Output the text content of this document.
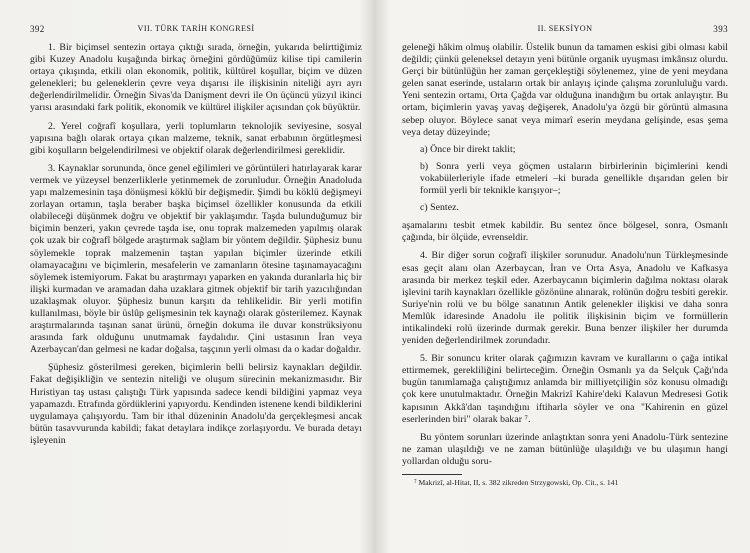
392	VII. TÜRK TARİH KONGRESİ

1. Bir biçimsel sentezin ortaya çıktığı sırada, örneğin, yukarıda belirttiğimiz gibi Kuzey Anadolu kuşağında birkaç örneğini gördüğümüz kilise tipi camilerin ortaya çıkışında, etkili olan ekonomik, politik, kültürel koşullar, biçim ve düzen gelenekleri; bu geleneklerin çevre veya dışarısı ile ilişkisinin niteliği ayrı ayrı değerlendirilmelidir. Örneğin Sivas'da Danişment devri ile On üçüncü yüzyıl ikinci yarısı arasındaki fark politik, ekonomik ve kültürel ilişkiler açısından çok büyüktür.

2. Yerel coğrafî koşullara, yerli toplumların teknolojik seviyesine, sosyal yapısına bağlı olarak ortaya çıkan malzeme, teknik, sanat erbabının örgütleşmesi gibi koşulların belgelendirilmesi ve objektif olarak değerlendirilmesi gereklidir.

3. Kaynaklar sorununda, önce genel eğilimleri ve görüntüleri hatırlayarak karar vermek ve yüzeysel benzerliklerle yetinmemek de zorunludur. Örneğin Anadoluda yapı malzemesinin taşa dönüşmesi köklü bir değişmedir. Şimdi bu köklü değişmeyi zorlayan ortamın, taşla beraber başka biçimsel özellikler konusunda da etkili olabileceği düşünmek doğru ve objektif bir yaklaşımdır. Taşda bulunduğumuz bir biçimin benzeri, yakın çevrede taşda ise, onu toprak malzemeden yapılmış olarak çok uzak bir coğrafî bölgede araştırmak sağlam bir yöntem değildir. Şüphesiz bunu söylemekle toprak malzemenin taştan yapılan biçimler üzerinde etkili olamayacağını ve biçimlerin, mesafelerin ve zamanların ötesine taşınamayacağını söylemek istemiyorum. Fakat bu araştırmayı yaparken en yakında duranlarla hiç bir ilişki kurmadan ve aramadan daha uzaklara gitmek objektif bir tarih yazıcılığından uzaklaşmak oluyor. Şüphesiz bunun karşıtı da tehlikelidir. Bir yerli motifin kullanılması, böyle bir üslûp gelişmesinin tek kaynağı olarak gösterilemez. Kaynak araştırmalarında taşınan sanat ürünü, örneğin dokuma ile duvar konstrüksiyonu arasında fark olduğunu unutmamak faydalıdır. Çini ustasının İran veya Azerbaycan'dan gelmesi ne kadar doğalsa, taşçının yerli olması da o kadar doğaldır.

Şüphesiz gösterilmesi gereken, biçimlerin belli belirsiz kaynakları değildir. Fakat değişikliğin ve sentezin niteliği ve oluşum sürecinin mekanizmasıdır. Bir Hıristiyan taş ustası çalıştığı Türk yapısında sadece kendi bildiğini yapmaz veya yapamazdı. Etrafında gördüklerini yapıyordu. Kendinden istenene kendi bildiklerini uygulamaya çalışıyordu. Tam bir ithal düzeninin Anadolu'da gerçekleşmesi ancak bütün tasavvurunda kabildi; fakat detaylara indikçe zorlaşıyordu. Ve burada detayı işleyenin

II. SEKSİYON	393

geleneği hâkim olmuş olabilir. Üstelik bunun da tamamen eskisi gibi olması kabil değildi; çünkü geleneksel detayın yeni bütünle organik uyuşması imkânsız olurdu. Gerçi bir bütünlüğün her zaman gerçekleştiği söylenemez, yine de yeni meydana gelen sanat eserinde, ustaların ortak bir anlayış içinde çalışma zorunluluğu vardı. Yeni sentezin ortamı, Orta Çağda var olduğuna inandığım bu ortak anlayıştır. Bu ortam, biçimlerin yavaş yavaş değişerek, Anadolu'ya özgü bir görüntü almasına sebep oluyor. Böylece sanat veya mimarî eserin meydana gelişinde, esas şema veya detay düzeyinde;

a) Önce bir direkt taklit;

b) Sonra yerli veya göçmen ustaların birbirlerinin biçimlerini kendi vokabülerleriyle ifade etmeleri –ki burada genellikle dışarıdan gelen bir formül yerli bir teknikle karışıyor–;

c) Sentez.

aşamalarını tesbit etmek kabildir. Bu sentez önce bölgesel, sonra, Osmanlı çağında, bir ölçüde, evrenseldir.

4. Bir diğer sorun coğrafî ilişkiler sorunudur. Anadolu'nun Türkleşmesinde esas geçit alanı olan Azerbaycan, İran ve Orta Asya, Anadolu ve Kafkasya arasında bir merkez teşkil eder. Azerbaycanın biçimlerin dağılma noktası olarak işlevini tarih kaynakları özellikle gözönüne alınarak, rolünün doğru tesbiti gerekir. Suriye'nin rolü ve bu bölge sanatının Antik gelenekler ilişkisi ve daha sonra Memlûk idaresinde Anadolu ile politik ilişkisinin biçim ve formüllerin intikalindeki rolü üzerinde durmak gerekir. Buna benzer ilişkiler her durumda yeniden değerlendirilmek zorundadır.

5. Bir sonuncu kriter olarak çağımızın kavram ve kurallarını o çağa intikal ettirmemek, gerekliliğini belirteceğim. Örneğin Osmanlı ya da Selçuk Çağı'nda bugün tanımlamağa çalıştığımız anlamda bir milliyetçiliğin söz konusu olmadığı çok kere unutulmaktadır. Örneğin Makrizî Kahire'deki Kalavun Medresesi Gotik kapısının Akkâ'dan taşındığını iftiharla söyler ve ona "Kahirenin en güzel eserlerinden biri" olarak bakar ⁷.

Bu yöntem sorunları üzerinde anlaştıktan sonra yeni Anadolu-Türk sentezine ne zaman ulaşıldığı ve ne zaman bütünlüğe ulaşıldığı ve bu ulaşımın hangi yollardan olduğu soru-

⁷ Makrizî, al-Hitat, II, s. 382 zikreden Strzygowski, Op. Cit., s. 141
